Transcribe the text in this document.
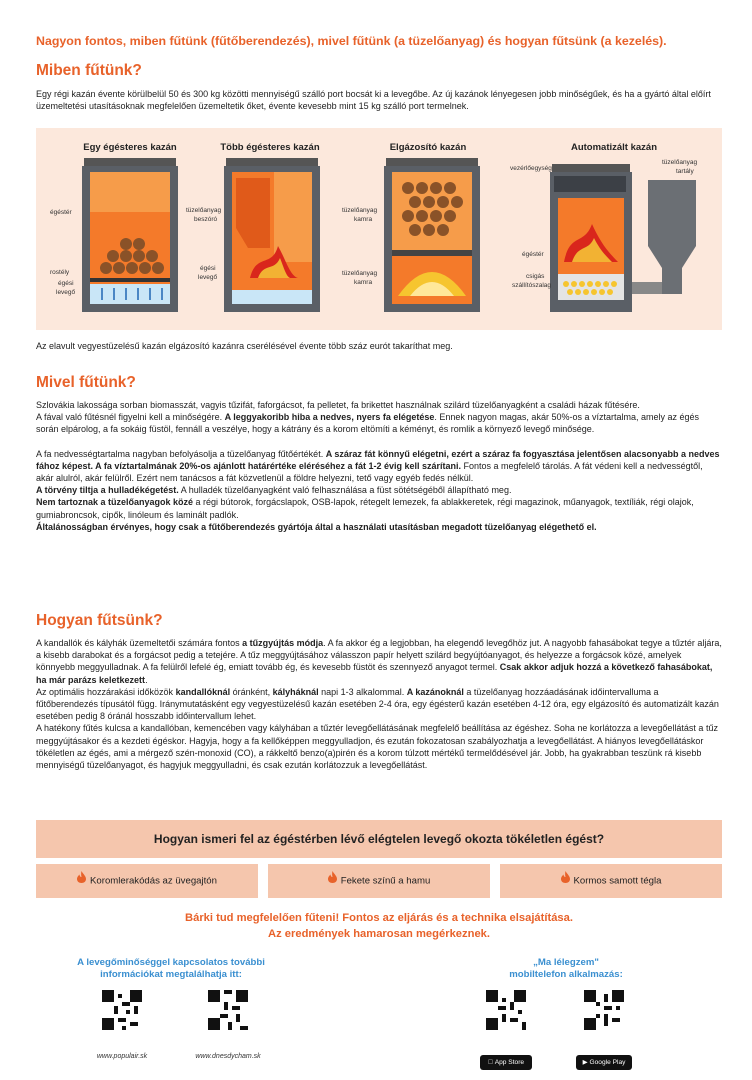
Nagyon fontos, miben fűtünk (fűtőberendezés), mivel fűtünk (a tüzelőanyag) és hogyan fűtsünk (a kezelés).
Miben fűtünk?
Egy régi kazán évente körülbelül 50 és 300 kg közötti mennyiségű szálló port bocsát ki a levegőbe. Az új kazánok lényegesen jobb minőségűek, és ha a gyártó által előírt üzemeltetési utasításoknak megfelelően üzemeltetik őket, évente kevesebb mint 15 kg szálló port termelnek.
Egy égésteres kazán	Több égésteres kazán	Elgázosító kazán	Automatizált kazán
égéstér
rostély
égési
levegő
tüzelőanyag
beszóró
égési
levegő
tüzelőanyag
kamra
tüzelőanyag
kamra
vezérlőegység
tüzelőanyag
tartály
égéstér
csigás
szállítószalag
Az elavult vegyestüzelésű kazán elgázosító kazánra cserélésével évente több száz eurót takaríthat meg.
Mivel fűtünk?
Szlovákia lakossága sorban biomasszát, vagyis tűzifát, faforgácsot, fa pelletet, fa brikettet használnak szilárd tüzelőanyagként a családi házak fűtésére.
A fával való fűtésnél figyelni kell a minőségére. A leggyakoribb hiba a nedves, nyers fa elégetése. Ennek nagyon magas, akár 50%-os a víztartalma, amely az égés során elpárolog, a fa sokáig füstöl, fennáll a veszélye, hogy a kátrány és a korom eltömíti a kéményt, és romlik a környező levegő minősége.
A fa nedvességtartalma nagyban befolyásolja a tüzelőanyag fűtőértékét. A száraz fát könnyű elégetni, ezért a száraz fa fogyasztása jelentősen alacsonyabb a nedves fához képest. A fa víztartalmának 20%-os ajánlott határértéke eléréséhez a fát 1-2 évig kell szárítani. Fontos a megfelelő tárolás. A fát védeni kell a nedvességtől, akár alulról, akár felülről. Ezért nem tanácsos a fát közvetlenül a földre helyezni, tető vagy egyéb fedés nélkül.
A törvény tiltja a hulladékégetést. A hulladék tüzelőanyagként való felhasználása a füst sötétségéből állapítható meg.
Nem tartoznak a tüzelőanyagok közé a régi bútorok, forgácslapok, OSB-lapok, rétegelt lemezek, fa ablakkeretek, régi magazinok, műanyagok, textíliák, régi olajok, gumiabroncsok, cipők, linóleum és laminált padlók.
Általánosságban érvényes, hogy csak a fűtőberendezés gyártója által a használati utasításban megadott tüzelőanyag elégethető el.
Hogyan fűtsünk?
A kandallók és kályhák üzemeltetői számára fontos a tűzgyújtás módja. A fa akkor ég a legjobban, ha elegendő levegőhöz jut. A nagyobb fahasábokat tegye a tűztér aljára, a kisebb darabokat és a forgácsot pedig a tetejére. A tűz meggyújtásához válasszon papír helyett szilárd begyújtóanyagot, és helyezze a forgácsok közé, amelyek könnyebb meggyulladnak. A fa felülről lefelé ég, emiatt tovább ég, és kevesebb füstöt és szennyező anyagot termel. Csak akkor adjuk hozzá a következő fahasábokat, ha már parázs keletkezett.
Az optimális hozzárakási időközök kandallóknál óránként, kályháknál napi 1-3 alkalommal. A kazánoknál a tüzelőanyag hozzáadásának időintervalluma a fűtőberendezés típusától függ. Iránymutatásként egy vegyestüzelésű kazán esetében 2-4 óra, egy égésterű kazán esetében 4-12 óra, egy elgázosító és automatizált kazán esetében pedig 8 óránál hosszabb időintervallum lehet.
A hatékony fűtés kulcsa a kandallóban, kemencében vagy kályhában a tűztér levegőellátásának megfelelő beállítása az égéshez. Soha ne korlátozza a levegőellátást a tűz meggyújtásakor és a kezdeti égéskor. Hagyja, hogy a fa kellőképpen meggyulladjon, és ezután fokozatosan szabályozhatja a levegőellátást. A hiányos levegőellátáskor tökéletlen az égés, ami a mérgező szén-monoxid (CO), a rákkeltő benzo(a)pirén és a korom túlzott mértékű termelődésével jár. Jobb, ha gyakrabban teszünk rá kisebb mennyiségű tüzelőanyagot, és hagyjuk meggyulladni, és csak ezután korlátozzuk a levegőellátást.
Hogyan ismeri fel az égéstérben lévő elégtelen levegő okozta tökéletlen égést?
Koromlerakódás az üvegajtón	Fekete színű a hamu	Kormos samott tégla
Bárki tud megfelelően fűteni! Fontos az eljárás és a technika elsajátítása.
Az eredmények hamarosan megérkeznek.
A levegőminőséggel kapcsolatos további
információkat megtalálhatja itt:
www.populair.sk	www.dnesdycham.sk
„Ma lélegzem"
mobiltelefon alkalmazás:
App Store	▶ Google Play
